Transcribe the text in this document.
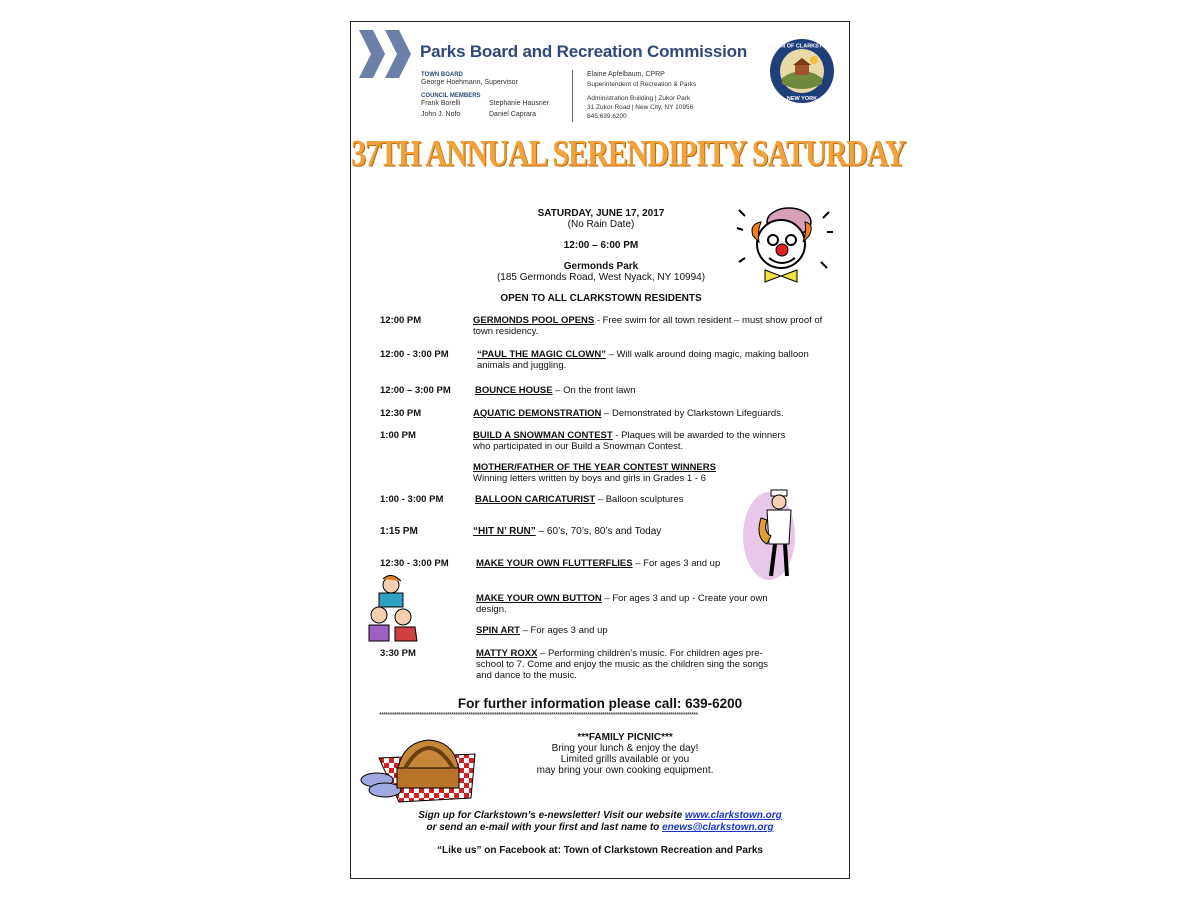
Parks Board and Recreation Commission
TOWN BOARD
George Hoehmann, Supervisor
COUNCIL MEMBERS
Frank Borelli	Stephanie Hausner
John J. Nofo	Daniel Caprara
Elaine Apfelbaum, CPRP
Superintendent of Recreation & Parks
Administration Building | Zukor Park
31 Zukor Road | New City, NY 10956
845.639.6200
TOWN OF CLARKSTOWN
NEW YORK
37TH ANNUAL SERENDIPITY SATURDAY
SATURDAY, JUNE 17, 2017
(No Rain Date)
12:00 – 6:00 PM
Germonds Park
(185 Germonds Road, West Nyack, NY 10994)
OPEN TO ALL CLARKSTOWN RESIDENTS
12:00 PM	GERMONDS POOL OPENS - Free swim for all town resident – must show proof of town residency.
12:00 - 3:00 PM	“PAUL THE MAGIC CLOWN” – Will walk around doing magic, making balloon animals and juggling.
12:00 – 3:00 PM	BOUNCE HOUSE – On the front lawn
12:30 PM	AQUATIC DEMONSTRATION – Demonstrated by Clarkstown Lifeguards.
1:00 PM	BUILD A SNOWMAN CONTEST - Plaques will be awarded to the winners who participated in our Build a Snowman Contest.
MOTHER/FATHER OF THE YEAR CONTEST WINNERS Winning letters written by boys and girls in Grades 1 - 6
1:00 - 3:00 PM	BALLOON CARICATURIST – Balloon sculptures
1:15 PM	“HIT N’ RUN” – 60’s, 70’s, 80’s and Today
12:30 - 3:00 PM	MAKE YOUR OWN FLUTTERFLIES – For ages 3 and up
MAKE YOUR OWN BUTTON – For ages 3 and up - Create your own design.
SPIN ART – For ages 3 and up
3:30 PM	MATTY ROXX – Performing children’s music. For children ages pre-school to 7. Come and enjoy the music as the children sing the songs and dance to the music.
For further information please call: 639-6200
******************************************************************************************************************************************************
***FAMILY PICNIC***
Bring your lunch & enjoy the day!
Limited grills available or you
may bring your own cooking equipment.
Sign up for Clarkstown’s e-newsletter! Visit our website www.clarkstown.org
or send an e-mail with your first and last name to enews@clarkstown.org
“Like us” on Facebook at: Town of Clarkstown Recreation and Parks
